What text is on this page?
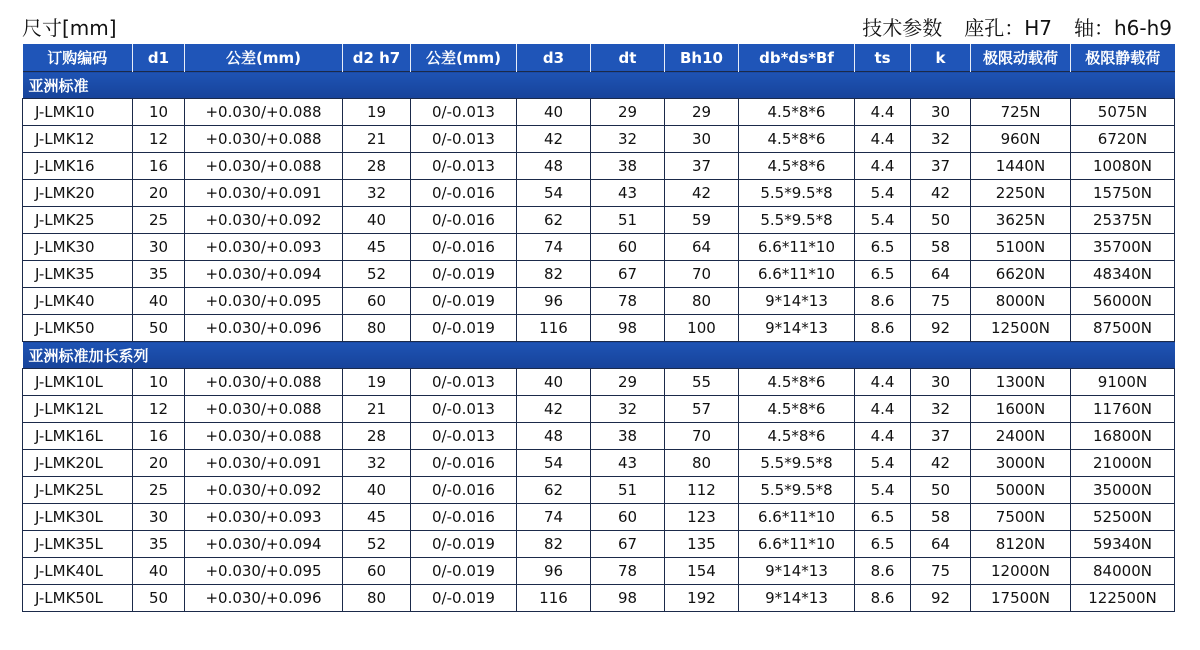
尺寸[mm]	技术参数 座孔：H7 轴：h6-h9
订购编码	d1	公差(mm)	d2 h7	公差(mm)	d3	dt	Bh10	db*ds*Bf	ts	k	极限动载荷	极限静载荷
亚洲标准												
J-LMK10	10	+0.030/+0.088	19	0/-0.013	40	29	29	4.5*8*6	4.4	30	725N	5075N
J-LMK12	12	+0.030/+0.088	21	0/-0.013	42	32	30	4.5*8*6	4.4	32	960N	6720N
J-LMK16	16	+0.030/+0.088	28	0/-0.013	48	38	37	4.5*8*6	4.4	37	1440N	10080N
J-LMK20	20	+0.030/+0.091	32	0/-0.016	54	43	42	5.5*9.5*8	5.4	42	2250N	15750N
J-LMK25	25	+0.030/+0.092	40	0/-0.016	62	51	59	5.5*9.5*8	5.4	50	3625N	25375N
J-LMK30	30	+0.030/+0.093	45	0/-0.016	74	60	64	6.6*11*10	6.5	58	5100N	35700N
J-LMK35	35	+0.030/+0.094	52	0/-0.019	82	67	70	6.6*11*10	6.5	64	6620N	48340N
J-LMK40	40	+0.030/+0.095	60	0/-0.019	96	78	80	9*14*13	8.6	75	8000N	56000N
J-LMK50	50	+0.030/+0.096	80	0/-0.019	116	98	100	9*14*13	8.6	92	12500N	87500N
亚洲标准加长系列												
J-LMK10L	10	+0.030/+0.088	19	0/-0.013	40	29	55	4.5*8*6	4.4	30	1300N	9100N
J-LMK12L	12	+0.030/+0.088	21	0/-0.013	42	32	57	4.5*8*6	4.4	32	1600N	11760N
J-LMK16L	16	+0.030/+0.088	28	0/-0.013	48	38	70	4.5*8*6	4.4	37	2400N	16800N
J-LMK20L	20	+0.030/+0.091	32	0/-0.016	54	43	80	5.5*9.5*8	5.4	42	3000N	21000N
J-LMK25L	25	+0.030/+0.092	40	0/-0.016	62	51	112	5.5*9.5*8	5.4	50	5000N	35000N
J-LMK30L	30	+0.030/+0.093	45	0/-0.016	74	60	123	6.6*11*10	6.5	58	7500N	52500N
J-LMK35L	35	+0.030/+0.094	52	0/-0.019	82	67	135	6.6*11*10	6.5	64	8120N	59340N
J-LMK40L	40	+0.030/+0.095	60	0/-0.019	96	78	154	9*14*13	8.6	75	12000N	84000N
J-LMK50L	50	+0.030/+0.096	80	0/-0.019	116	98	192	9*14*13	8.6	92	17500N	122500N
